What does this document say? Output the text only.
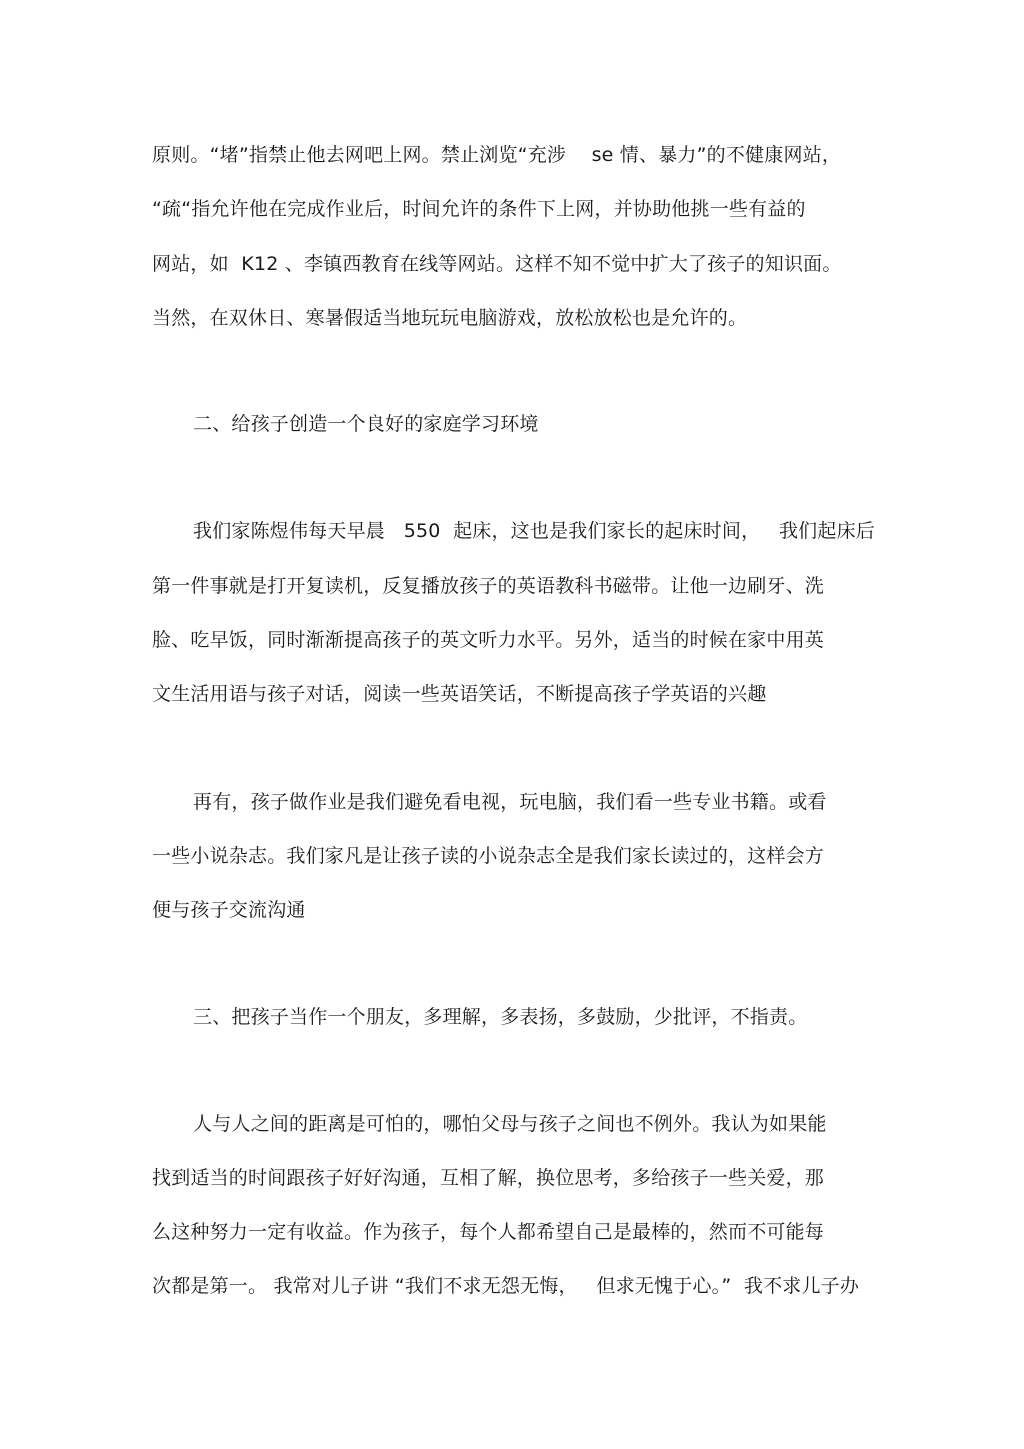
原则。“堵”指禁止他去网吧上网。禁止浏览“充涉　 se 情、暴力”的不健康网站，
“疏“指允许他在完成作业后，时间允许的条件下上网，并协助他挑一些有益的
网站，如  K12 、李镇西教育在线等网站。这样不知不觉中扩大了孩子的知识面。
当然，在双休日、寒暑假适当地玩玩电脑游戏，放松放松也是允许的。
二、给孩子创造一个良好的家庭学习环境
我们家陈煜伟每天早晨   550  起床，这也是我们家长的起床时间，   我们起床后
第一件事就是打开复读机，反复播放孩子的英语教科书磁带。让他一边刷牙、洗
脸、吃早饭，同时渐渐提高孩子的英文听力水平。另外，适当的时候在家中用英
文生活用语与孩子对话，阅读一些英语笑话，不断提高孩子学英语的兴趣
再有，孩子做作业是我们避免看电视，玩电脑，我们看一些专业书籍。或看
一些小说杂志。我们家凡是让孩子读的小说杂志全是我们家长读过的，这样会方
便与孩子交流沟通
三、把孩子当作一个朋友，多理解，多表扬，多鼓励，少批评，不指责。
人与人之间的距离是可怕的，哪怕父母与孩子之间也不例外。我认为如果能
找到适当的时间跟孩子好好沟通，互相了解，换位思考，多给孩子一些关爱，那
么这种努力一定有收益。作为孩子，每个人都希望自己是最棒的，然而不可能每
次都是第一。 我常对儿子讲 “我们不求无怨无悔，   但求无愧于心。”  我不求儿子办
